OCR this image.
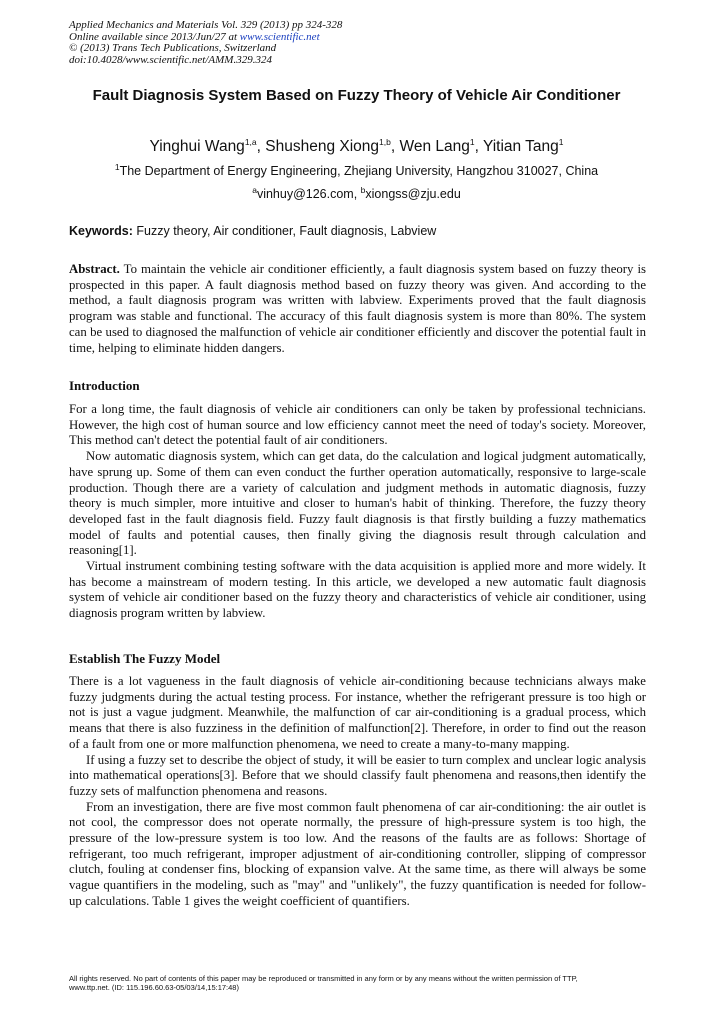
Applied Mechanics and Materials Vol. 329 (2013) pp 324-328
Online available since 2013/Jun/27 at www.scientific.net
© (2013) Trans Tech Publications, Switzerland
doi:10.4028/www.scientific.net/AMM.329.324
Fault Diagnosis System Based on Fuzzy Theory of Vehicle Air Conditioner
Yinghui Wang$^{1,a}$, Shusheng Xiong$^{1,b}$, Wen Lang$^1$, Yitian Tang$^1$
$^1$The Department of Energy Engineering, Zhejiang University, Hangzhou 310027, China
$^a$vinhuy@126.com, $^b$xiongss@zju.edu
Keywords: Fuzzy theory, Air conditioner, Fault diagnosis, Labview

Abstract. To maintain the vehicle air conditioner efficiently, a fault diagnosis system based on fuzzy theory is prospected in this paper. A fault diagnosis method based on fuzzy theory was given. And according to the method, a fault diagnosis program was written with labview. Experiments proved that the fault diagnosis program was stable and functional. The accuracy of this fault diagnosis system is more than 80%. The system can be used to diagnosed the malfunction of vehicle air conditioner efficiently and discover the potential fault in time, helping to eliminate hidden dangers.

Introduction

For a long time, the fault diagnosis of vehicle air conditioners can only be taken by professional technicians. However, the high cost of human source and low efficiency cannot meet the need of today's society. Moreover, This method can't detect the potential fault of air conditioners.

Now automatic diagnosis system, which can get data, do the calculation and logical judgment automatically, have sprung up. Some of them can even conduct the further operation automatically, responsive to large-scale production. Though there are a variety of calculation and judgment methods in automatic diagnosis, fuzzy theory is much simpler, more intuitive and closer to human's habit of thinking. Therefore, the fuzzy theory developed fast in the fault diagnosis field. Fuzzy fault diagnosis is that firstly building a fuzzy mathematics model of faults and potential causes, then finally giving the diagnosis result through calculation and reasoning[1].

Virtual instrument combining testing software with the data acquisition is applied more and more widely. It has become a mainstream of modern testing. In this article, we developed a new automatic fault diagnosis system of vehicle air conditioner based on the fuzzy theory and characteristics of vehicle air conditioner, using diagnosis program written by labview.

Establish The Fuzzy Model

There is a lot vagueness in the fault diagnosis of vehicle air-conditioning because technicians always make fuzzy judgments during the actual testing process. For instance, whether the refrigerant pressure is too high or not is just a vague judgment. Meanwhile, the malfunction of car air-conditioning is a gradual process, which means that there is also fuzziness in the definition of malfunction[2]. Therefore, in order to find out the reason of a fault from one or more malfunction phenomena, we need to create a many-to-many mapping.

If using a fuzzy set to describe the object of study, it will be easier to turn complex and unclear logic analysis into mathematical operations[3]. Before that we should classify fault phenomena and reasons,then identify the fuzzy sets of malfunction phenomena and reasons.

From an investigation, there are five most common fault phenomena of car air-conditioning: the air outlet is not cool, the compressor does not operate normally, the pressure of high-pressure system is too high, the pressure of the low-pressure system is too low. And the reasons of the faults are as follows: Shortage of refrigerant, too much refrigerant, improper adjustment of air-conditioning controller, slipping of compressor clutch, fouling at condenser fins, blocking of expansion valve. At the same time, as there will always be some vague quantifiers in the modeling, such as "may" and "unlikely", the fuzzy quantification is needed for follow-up calculations. Table 1 gives the weight coefficient of quantifiers.

All rights reserved. No part of contents of this paper may be reproduced or transmitted in any form or by any means without the written permission of TTP,
www.ttp.net. (ID: 115.196.60.63-05/03/14,15:17:48)
